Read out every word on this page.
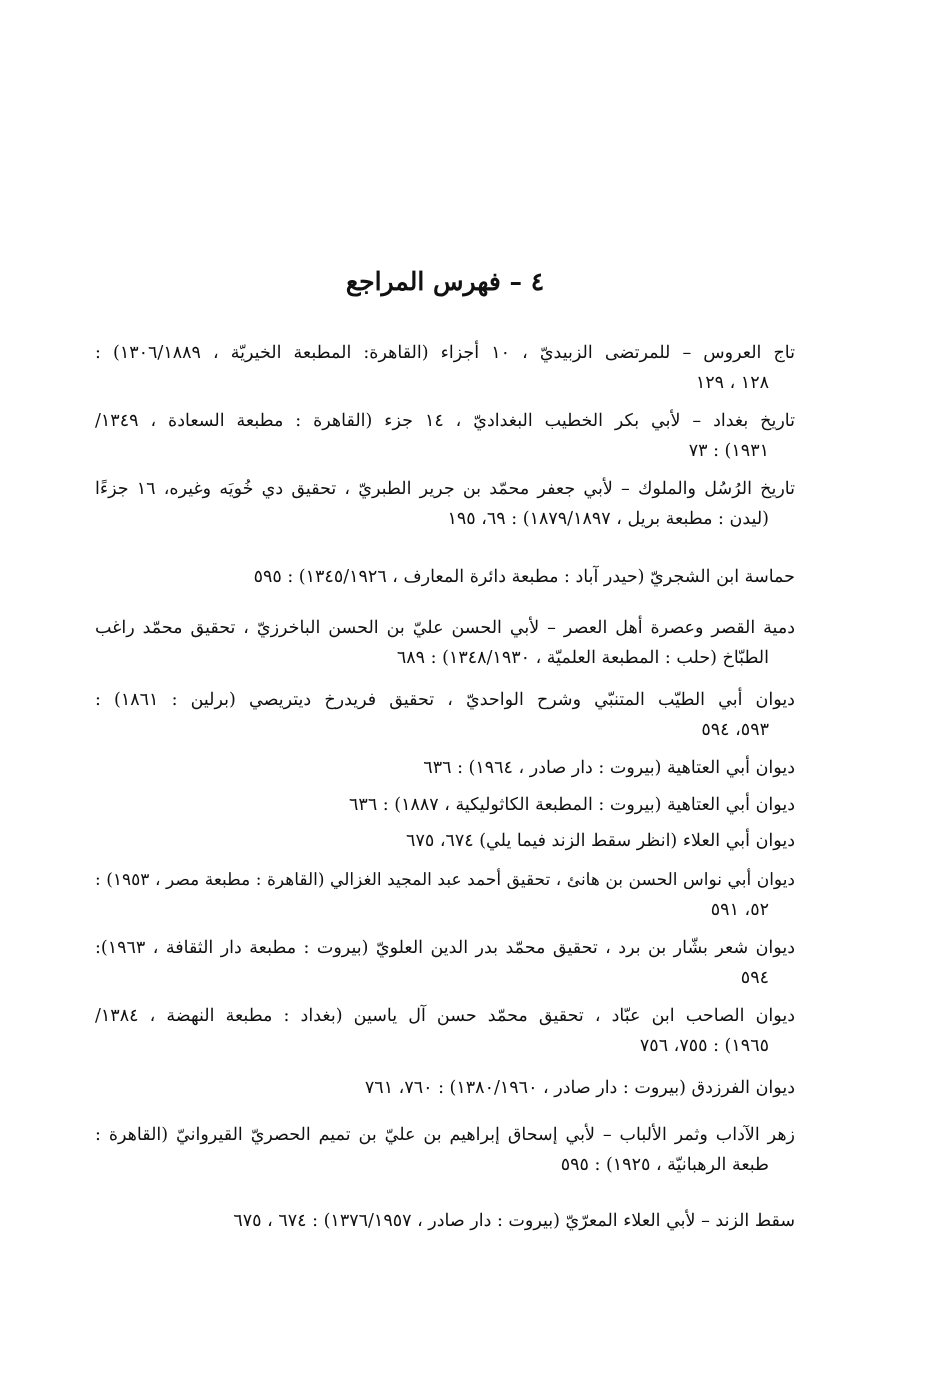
٤ – فهرس المراجع
تاج العروس – للمرتضى الزبيديّ ، ١٠ أجزاء (القاهرة: المطبعة الخيريّة ، ١٣٠٦/١٨٨٩) :
١٢٨ ، ١٢٩
تاريخ بغداد – لأبي بكر الخطيب البغداديّ ، ١٤ جزء (القاهرة : مطبعة السعادة ، ١٣٤٩/
١٩٣١) : ٧٣
تاريخ الرُسُل والملوك – لأبي جعفر محمّد بن جرير الطبريّ ، تحقيق دي خُويَه وغيره، ١٦ جزءًا
(ليدن : مطبعة بريل ، ١٨٧٩/١٨٩٧) : ٦٩، ١٩٥
حماسة ابن الشجريّ (حيدر آباد : مطبعة دائرة المعارف ، ١٣٤٥/١٩٢٦) : ٥٩٥
دمية القصر وعصرة أهل العصر – لأبي الحسن عليّ بن الحسن الباخرزيّ ، تحقيق محمّد راغب
الطبّاخ (حلب : المطبعة العلميّة ، ١٣٤٨/١٩٣٠) : ٦٨٩
ديوان أبي الطيّب المتنبّي وشرح الواحديّ ، تحقيق فريدرخ ديتريصي (برلين : ١٨٦١) :
٥٩٣، ٥٩٤
ديوان أبي العتاهية (بيروت : دار صادر ، ١٩٦٤) : ٦٣٦
ديوان أبي العتاهية (بيروت : المطبعة الكاثوليكية ، ١٨٨٧) : ٦٣٦
ديوان أبي العلاء (انظر سقط الزند فيما يلي) ٦٧٤، ٦٧٥
ديوان أبي نواس الحسن بن هانئ ، تحقيق أحمد عبد المجيد الغزالي (القاهرة : مطبعة مصر ، ١٩٥٣) :
٥٢، ٥٩١
ديوان شعر بشّار بن برد ، تحقيق محمّد بدر الدين العلويّ (بيروت : مطبعة دار الثقافة ، ١٩٦٣):
٥٩٤
ديوان الصاحب ابن عبّاد ، تحقيق محمّد حسن آل ياسين (بغداد : مطبعة النهضة ، ١٣٨٤/
١٩٦٥) : ٧٥٥، ٧٥٦
ديوان الفرزدق (بيروت : دار صادر ، ١٣٨٠/١٩٦٠) : ٧٦٠، ٧٦١
زهر الآداب وثمر الألباب – لأبي إسحاق إبراهيم بن عليّ بن تميم الحصريّ القيروانيّ (القاهرة :
طبعة الرهبانيّة ، ١٩٢٥) : ٥٩٥
سقط الزند – لأبي العلاء المعرّيّ (بيروت : دار صادر ، ١٣٧٦/١٩٥٧) : ٦٧٤ ، ٦٧٥
